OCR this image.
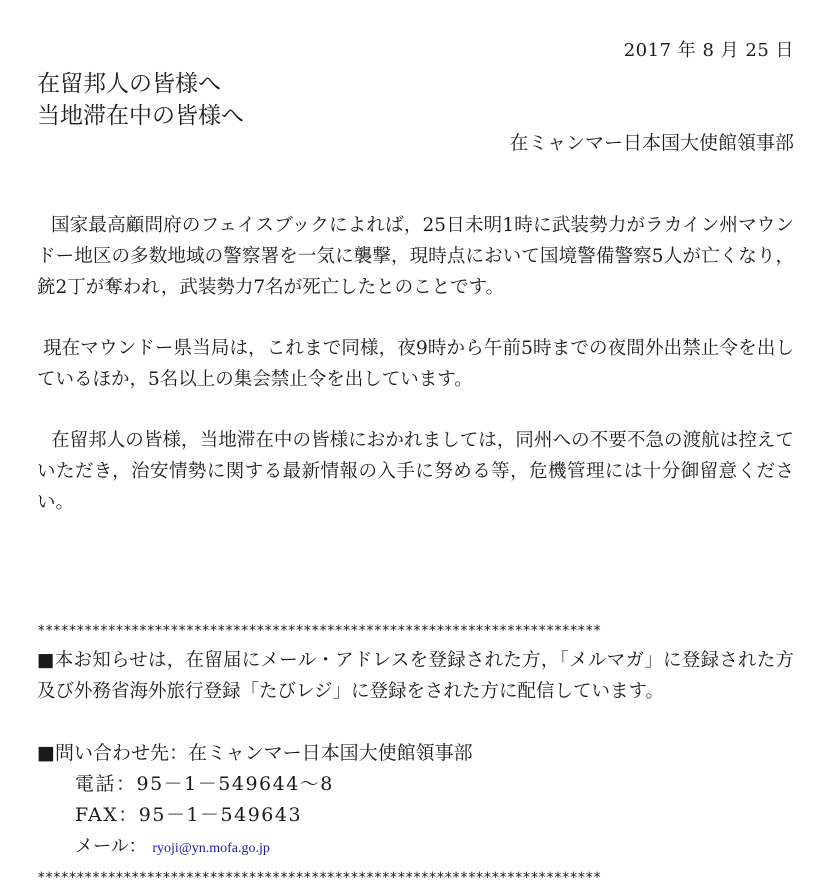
2017 年 8 月 25 日
在留邦人の皆様へ
当地滞在中の皆様へ
在ミャンマー日本国大使館領事部

国家最高顧問府のフェイスブックによれば，25日未明1時に武装勢力がラカイン州マウンドー地区の多数地域の警察署を一気に襲撃，現時点において国境警備警察5人が亡くなり，銃2丁が奪われ，武装勢力7名が死亡したとのことです。

現在マウンドー県当局は，これまで同様，夜9時から午前5時までの夜間外出禁止令を出しているほか，5名以上の集会禁止令を出しています。

在留邦人の皆様，当地滞在中の皆様におかれましては，同州への不要不急の渡航は控えていただき，治安情勢に関する最新情報の入手に努める等，危機管理には十分御留意ください。

************************************************************************

■本お知らせは，在留届にメール・アドレスを登録された方，「メルマガ」に登録された方及び外務省海外旅行登録「たびレジ」に登録をされた方に配信しています。

■問い合わせ先：在ミャンマー日本国大使館領事部
電話：95－1－549644～8
FAX：95－1－549643
メール： ryoji@yn.mofa.go.jp
************************************************************************
